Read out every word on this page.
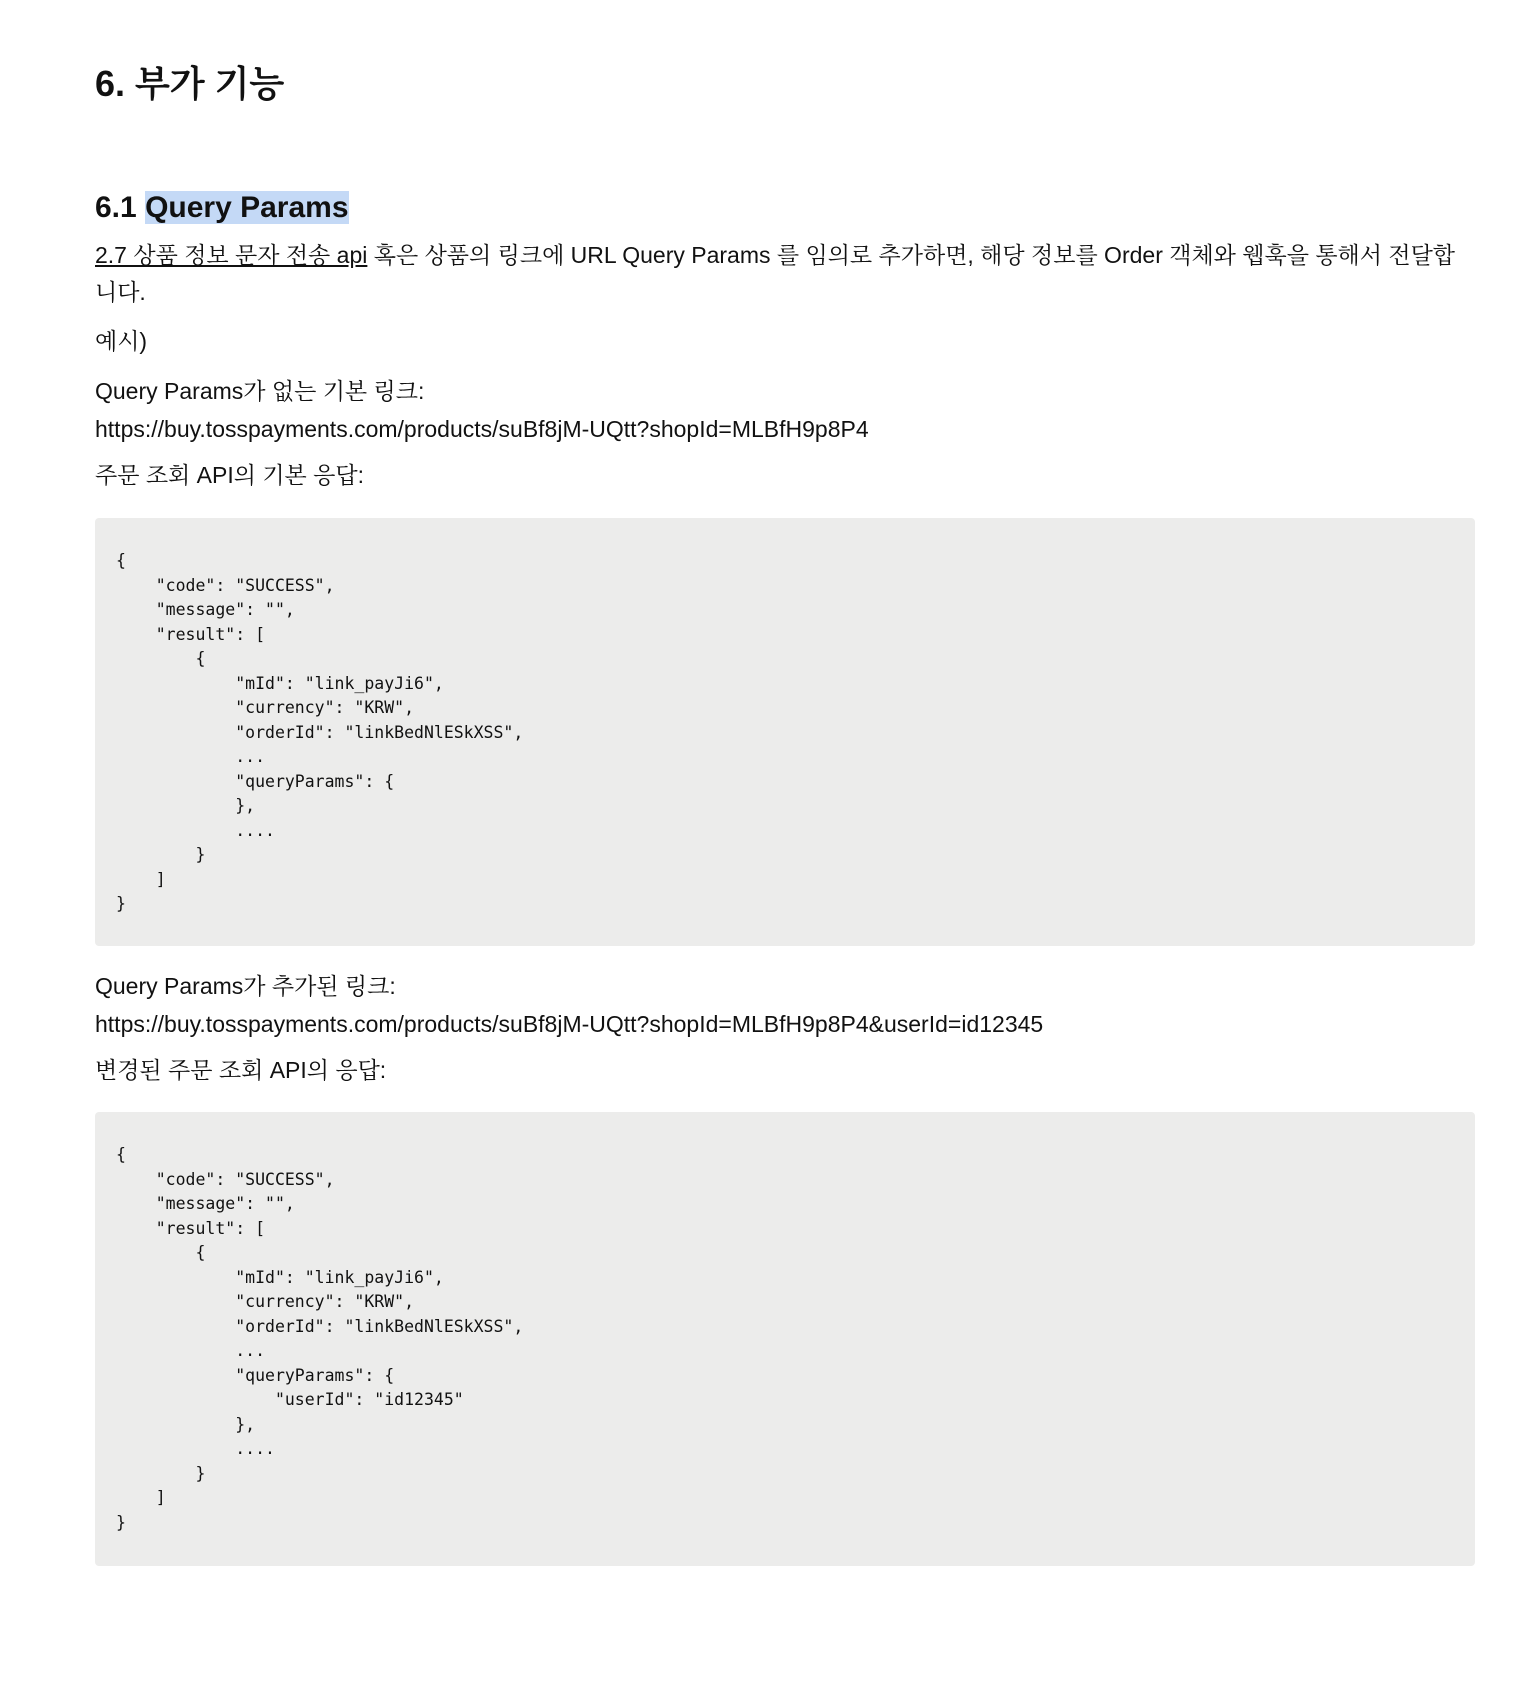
6. 부가 기능
6.1 Query Params

2.7 상품 정보 문자 전송 api 혹은 상품의 링크에 URL Query Params 를 임의로 추가하면, 해당 정보를 Order 객체와 웹훅을 통해서 전달합니다.

예시)

Query Params가 없는 기본 링크:

https://buy.tosspayments.com/products/suBf8jM-UQtt?shopId=MLBfH9p8P4

주문 조회 API의 기본 응답:

{
"code": "SUCCESS",
"message": "",
"result": [
{
"mId": "link_payJi6",
"currency": "KRW",
"orderId": "linkBedNlESkXSS",
...
"queryParams": {
},
....
}
]
}

Query Params가 추가된 링크:

https://buy.tosspayments.com/products/suBf8jM-UQtt?shopId=MLBfH9p8P4&userId=id12345

변경된 주문 조회 API의 응답:

{
"code": "SUCCESS",
"message": "",
"result": [
{
"mId": "link_payJi6",
"currency": "KRW",
"orderId": "linkBedNlESkXSS",
...
"queryParams": {
"userId": "id12345"
},
....
}
]
}
